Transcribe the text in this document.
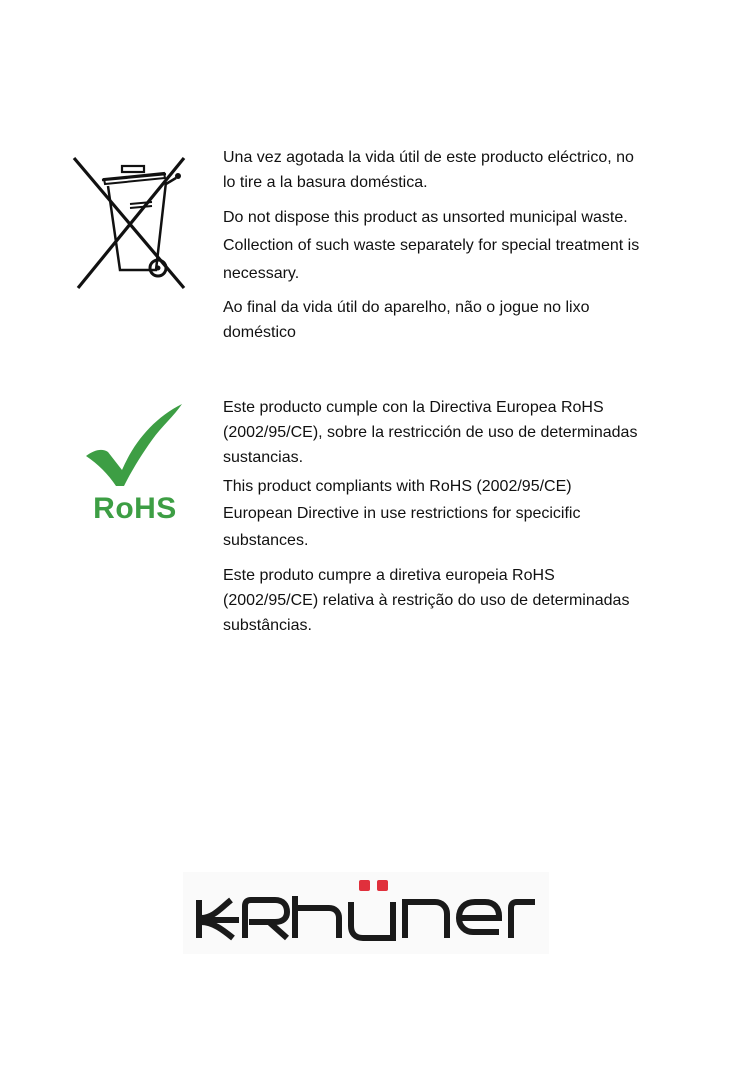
Una vez agotada la vida útil de este producto eléctrico, no lo tire a la basura doméstica.

Do not dispose this product as unsorted municipal waste. Collection of such waste separately for special treatment is necessary.

Ao final da vida útil do aparelho, não o jogue no lixo doméstico

RoHS

Este producto cumple con la Directiva Europea RoHS (2002/95/CE), sobre la restricción de uso de determinadas sustancias.

This product compliants with RoHS (2002/95/CE) European Directive in use restrictions for specicific substances.

Este produto cumpre a diretiva europeia RoHS (2002/95/CE) relativa à restrição do uso de determinadas substâncias.
